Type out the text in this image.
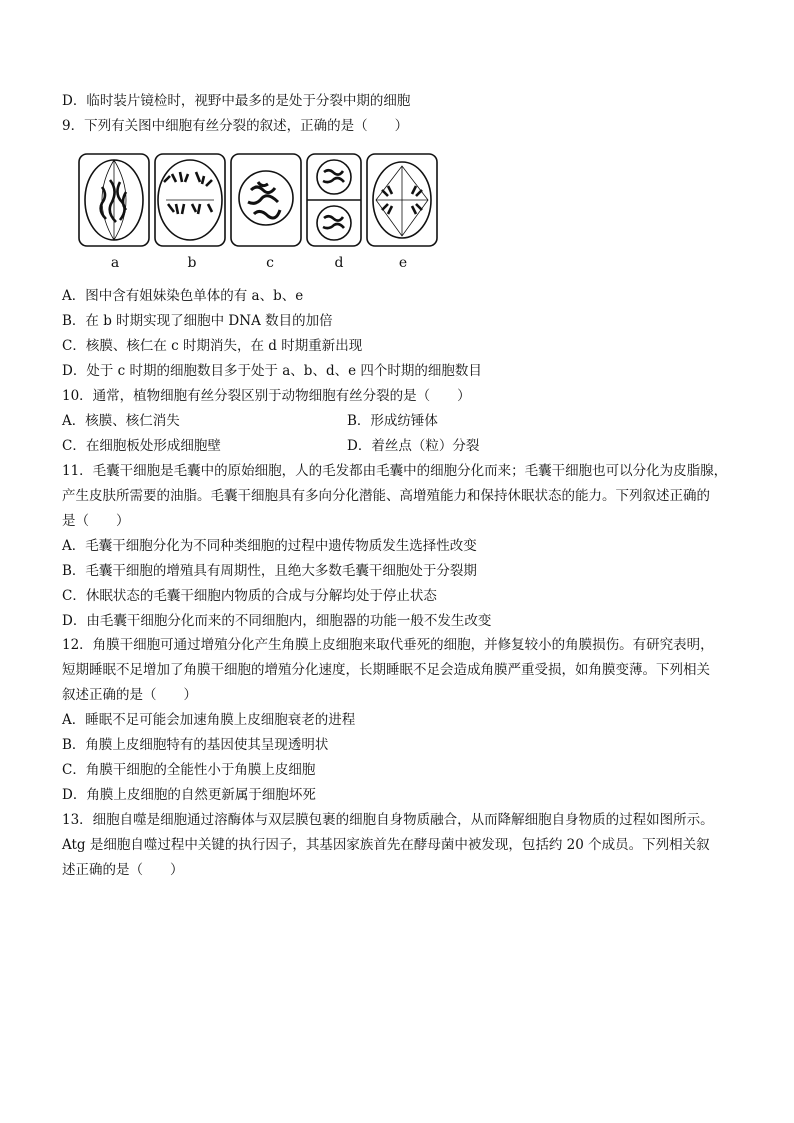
D．临时装片镜检时，视野中最多的是处于分裂中期的细胞
9．下列有关图中细胞有丝分裂的叙述，正确的是（　　）
a	b	c	d	e
A．图中含有姐妹染色单体的有 a、b、e
B．在 b 时期实现了细胞中 DNA 数目的加倍
C．核膜、核仁在 c 时期消失，在 d 时期重新出现
D．处于 c 时期的细胞数目多于处于 a、b、d、e 四个时期的细胞数目
10．通常，植物细胞有丝分裂区别于动物细胞有丝分裂的是（　　）
A．核膜、核仁消失	B．形成纺锤体
C．在细胞板处形成细胞壁	D．着丝点（粒）分裂
11．毛囊干细胞是毛囊中的原始细胞，人的毛发都由毛囊中的细胞分化而来；毛囊干细胞也可以分化为皮脂腺，
产生皮肤所需要的油脂。毛囊干细胞具有多向分化潜能、高增殖能力和保持休眠状态的能力。下列叙述正确的
是（　　）
A．毛囊干细胞分化为不同种类细胞的过程中遗传物质发生选择性改变
B．毛囊干细胞的增殖具有周期性，且绝大多数毛囊干细胞处于分裂期
C．休眠状态的毛囊干细胞内物质的合成与分解均处于停止状态
D．由毛囊干细胞分化而来的不同细胞内，细胞器的功能一般不发生改变
12．角膜干细胞可通过增殖分化产生角膜上皮细胞来取代垂死的细胞，并修复较小的角膜损伤。有研究表明，
短期睡眠不足增加了角膜干细胞的增殖分化速度，长期睡眠不足会造成角膜严重受损，如角膜变薄。下列相关
叙述正确的是（　　）
A．睡眠不足可能会加速角膜上皮细胞衰老的进程
B．角膜上皮细胞特有的基因使其呈现透明状
C．角膜干细胞的全能性小于角膜上皮细胞
D．角膜上皮细胞的自然更新属于细胞坏死
13．细胞自噬是细胞通过溶酶体与双层膜包裹的细胞自身物质融合，从而降解细胞自身物质的过程如图所示。
Atg 是细胞自噬过程中关键的执行因子，其基因家族首先在酵母菌中被发现，包括约 20 个成员。下列相关叙
述正确的是（　　）
